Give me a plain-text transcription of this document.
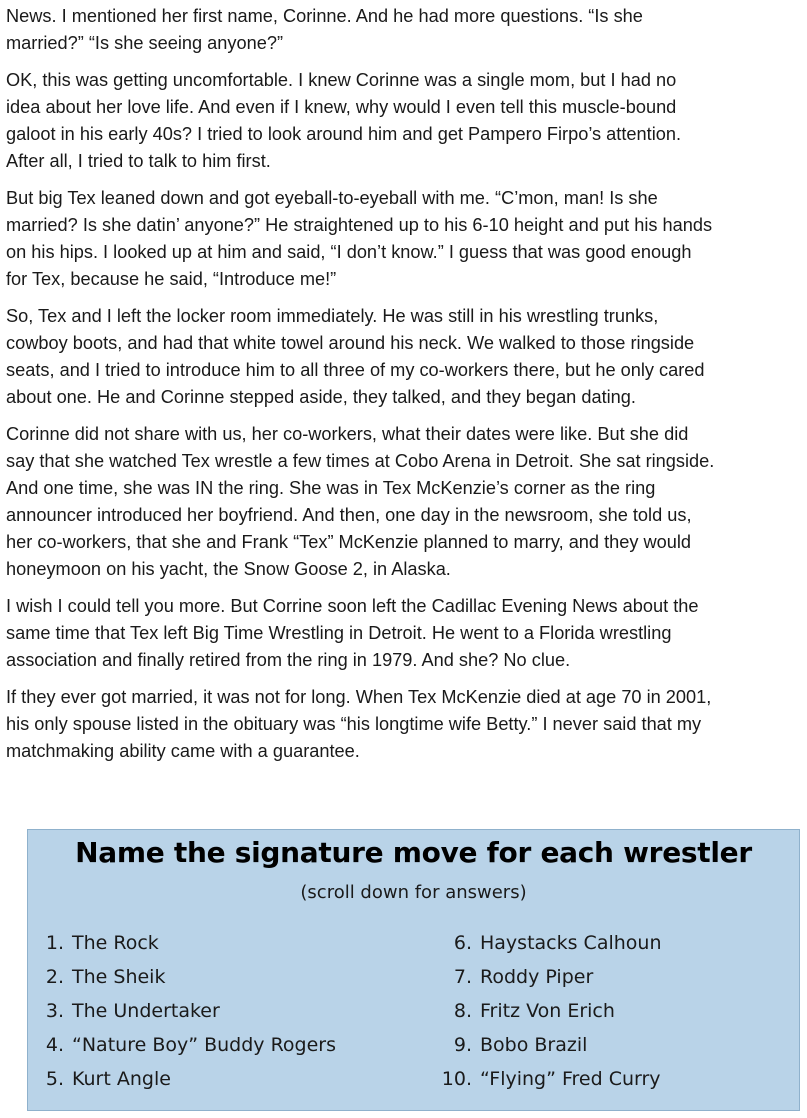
News. I mentioned her first name, Corinne. And he had more questions. “Is she
married?” “Is she seeing anyone?”

OK, this was getting uncomfortable. I knew Corinne was a single mom, but I had no
idea about her love life. And even if I knew, why would I even tell this muscle-bound
galoot in his early 40s? I tried to look around him and get Pampero Firpo’s attention.
After all, I tried to talk to him first.

But big Tex leaned down and got eyeball-to-eyeball with me. “C’mon, man! Is she
married? Is she datin’ anyone?” He straightened up to his 6-10 height and put his hands
on his hips. I looked up at him and said, “I don’t know.” I guess that was good enough
for Tex, because he said, “Introduce me!”

So, Tex and I left the locker room immediately. He was still in his wrestling trunks,
cowboy boots, and had that white towel around his neck. We walked to those ringside
seats, and I tried to introduce him to all three of my co-workers there, but he only cared
about one. He and Corinne stepped aside, they talked, and they began dating.

Corinne did not share with us, her co-workers, what their dates were like. But she did
say that she watched Tex wrestle a few times at Cobo Arena in Detroit. She sat ringside.
And one time, she was IN the ring. She was in Tex McKenzie’s corner as the ring
announcer introduced her boyfriend. And then, one day in the newsroom, she told us,
her co-workers, that she and Frank “Tex” McKenzie planned to marry, and they would
honeymoon on his yacht, the Snow Goose 2, in Alaska.

I wish I could tell you more. But Corrine soon left the Cadillac Evening News about the
same time that Tex left Big Time Wrestling in Detroit. He went to a Florida wrestling
association and finally retired from the ring in 1979. And she? No clue.

If they ever got married, it was not for long. When Tex McKenzie died at age 70 in 2001,
his only spouse listed in the obituary was “his longtime wife Betty.” I never said that my
matchmaking ability came with a guarantee.

Name the signature move for each wrestler
(scroll down for answers)
1. The Rock
2. The Sheik
3. The Undertaker
4. “Nature Boy” Buddy Rogers
5. Kurt Angle
6. Haystacks Calhoun
7. Roddy Piper
8. Fritz Von Erich
9. Bobo Brazil
10. “Flying” Fred Curry
